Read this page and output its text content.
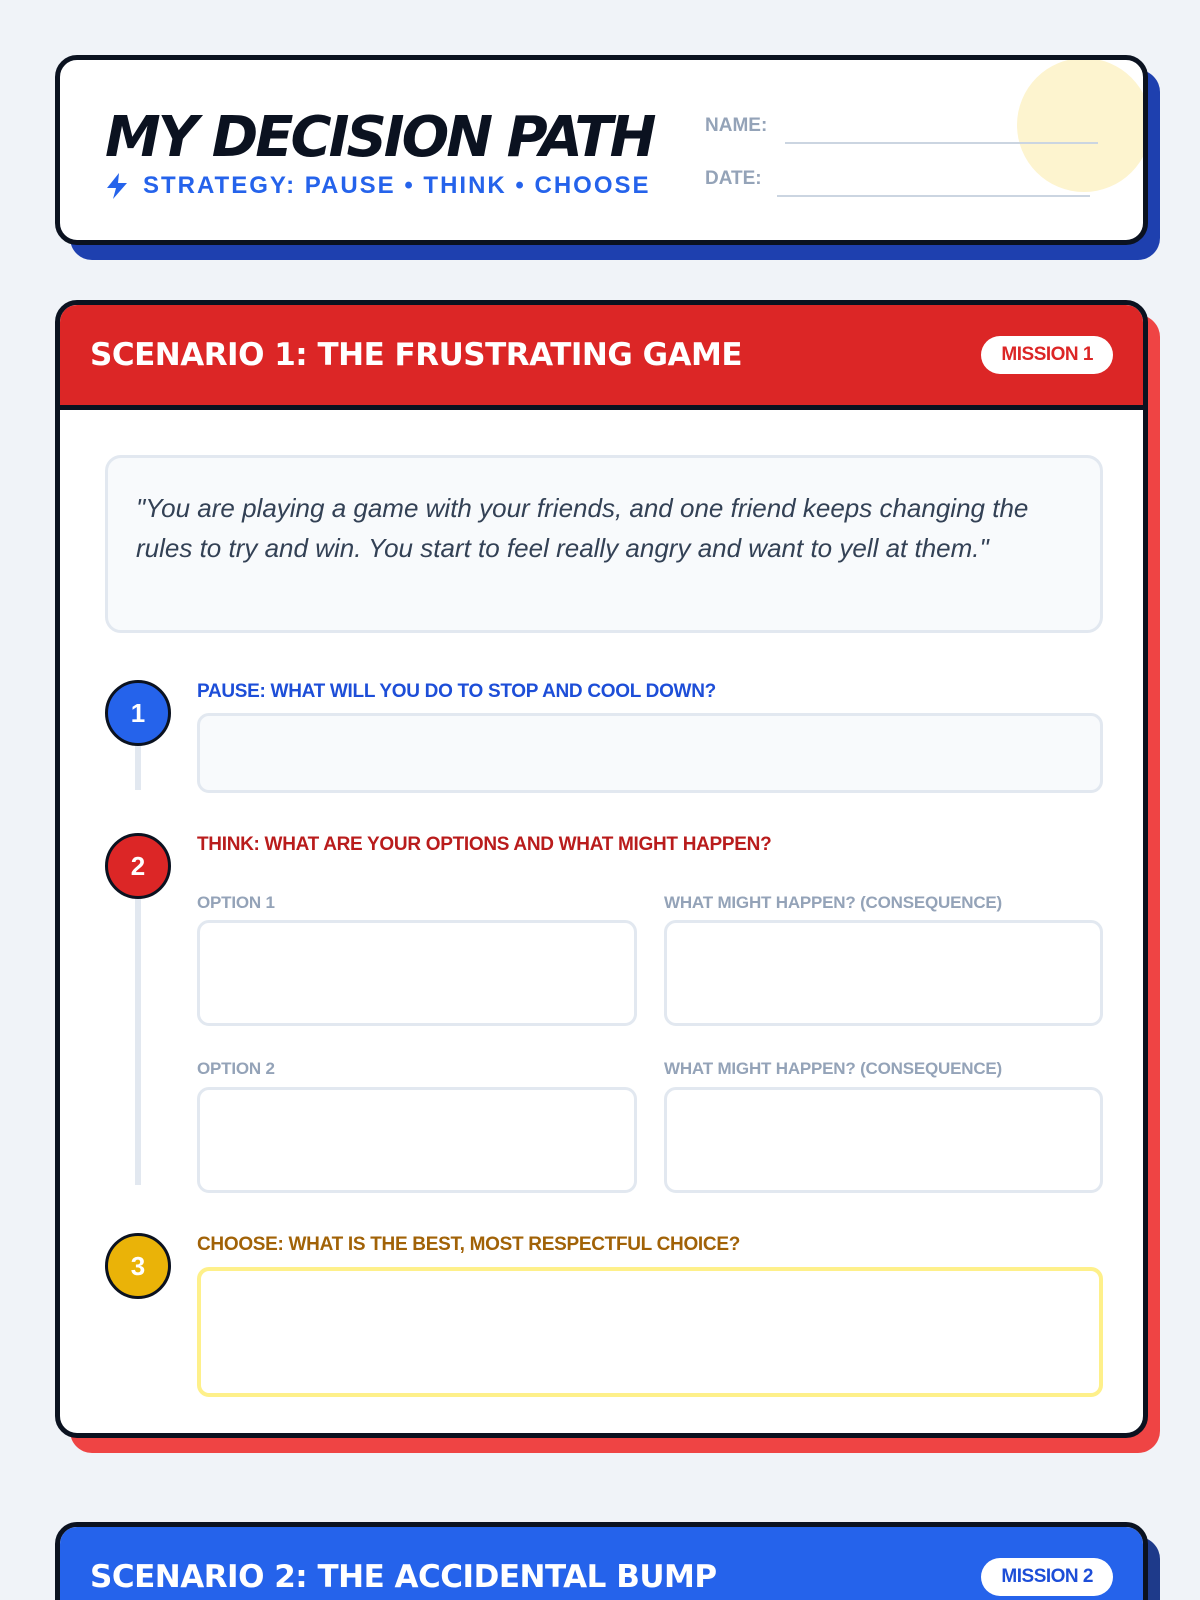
MY DECISION PATH
STRATEGY: PAUSE • THINK • CHOOSE
NAME:
DATE:
SCENARIO 1: THE FRUSTRATING GAME	MISSION 1
"You are playing a game with your friends, and one friend keeps changing the rules to try and win. You start to feel really angry and want to yell at them."
1
PAUSE: WHAT WILL YOU DO TO STOP AND COOL DOWN?
2
THINK: WHAT ARE YOUR OPTIONS AND WHAT MIGHT HAPPEN?
OPTION 1	WHAT MIGHT HAPPEN? (CONSEQUENCE)
OPTION 2	WHAT MIGHT HAPPEN? (CONSEQUENCE)
3
CHOOSE: WHAT IS THE BEST, MOST RESPECTFUL CHOICE?
SCENARIO 2: THE ACCIDENTAL BUMP	MISSION 2
